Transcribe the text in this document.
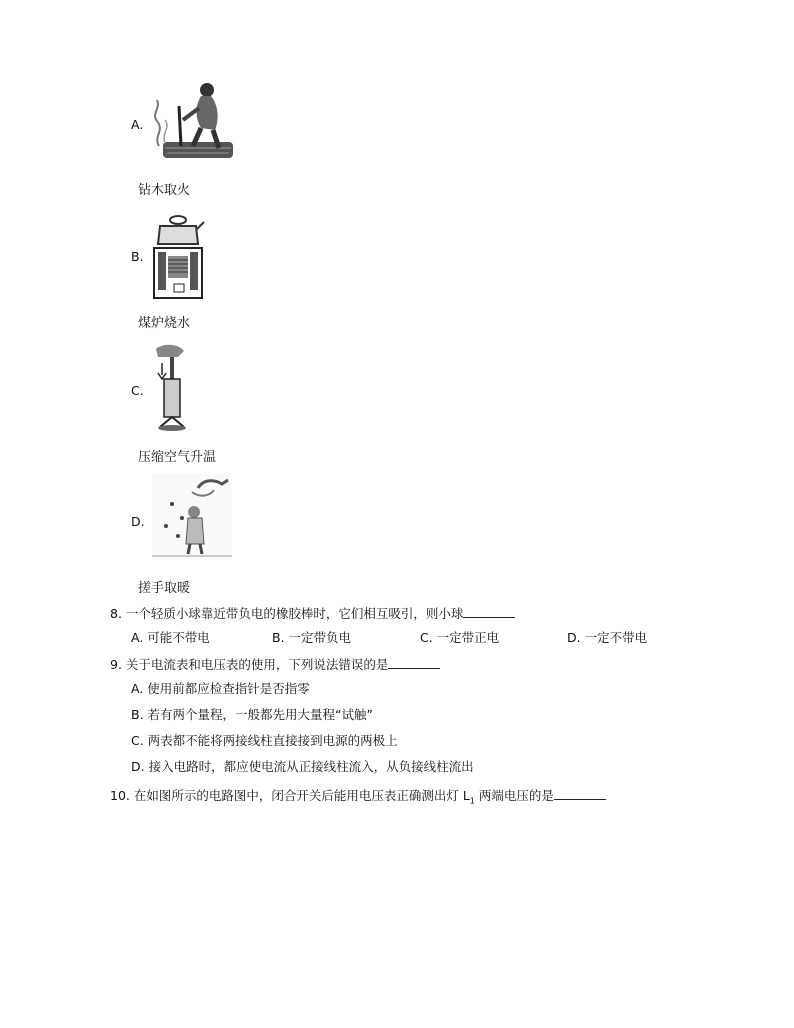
A.
钻木取火
B.
煤炉烧水
C.
压缩空气升温
D.
搓手取暖
8. 一个轻质小球靠近带负电的橡胶棒时，它们相互吸引，则小球
A. 可能不带电	B. 一定带负电	C. 一定带正电	D. 一定不带电
9. 关于电流表和电压表的使用，下列说法错误的是
A. 使用前都应检查指针是否指零
B. 若有两个量程，一般都先用大量程“试触”
C. 两表都不能将两接线柱直接接到电源的两极上
D. 接入电路时，都应使电流从正接线柱流入，从负接线柱流出
10. 在如图所示的电路图中，闭合开关后能用电压表正确测出灯 $L_1$ 两端电压的是
